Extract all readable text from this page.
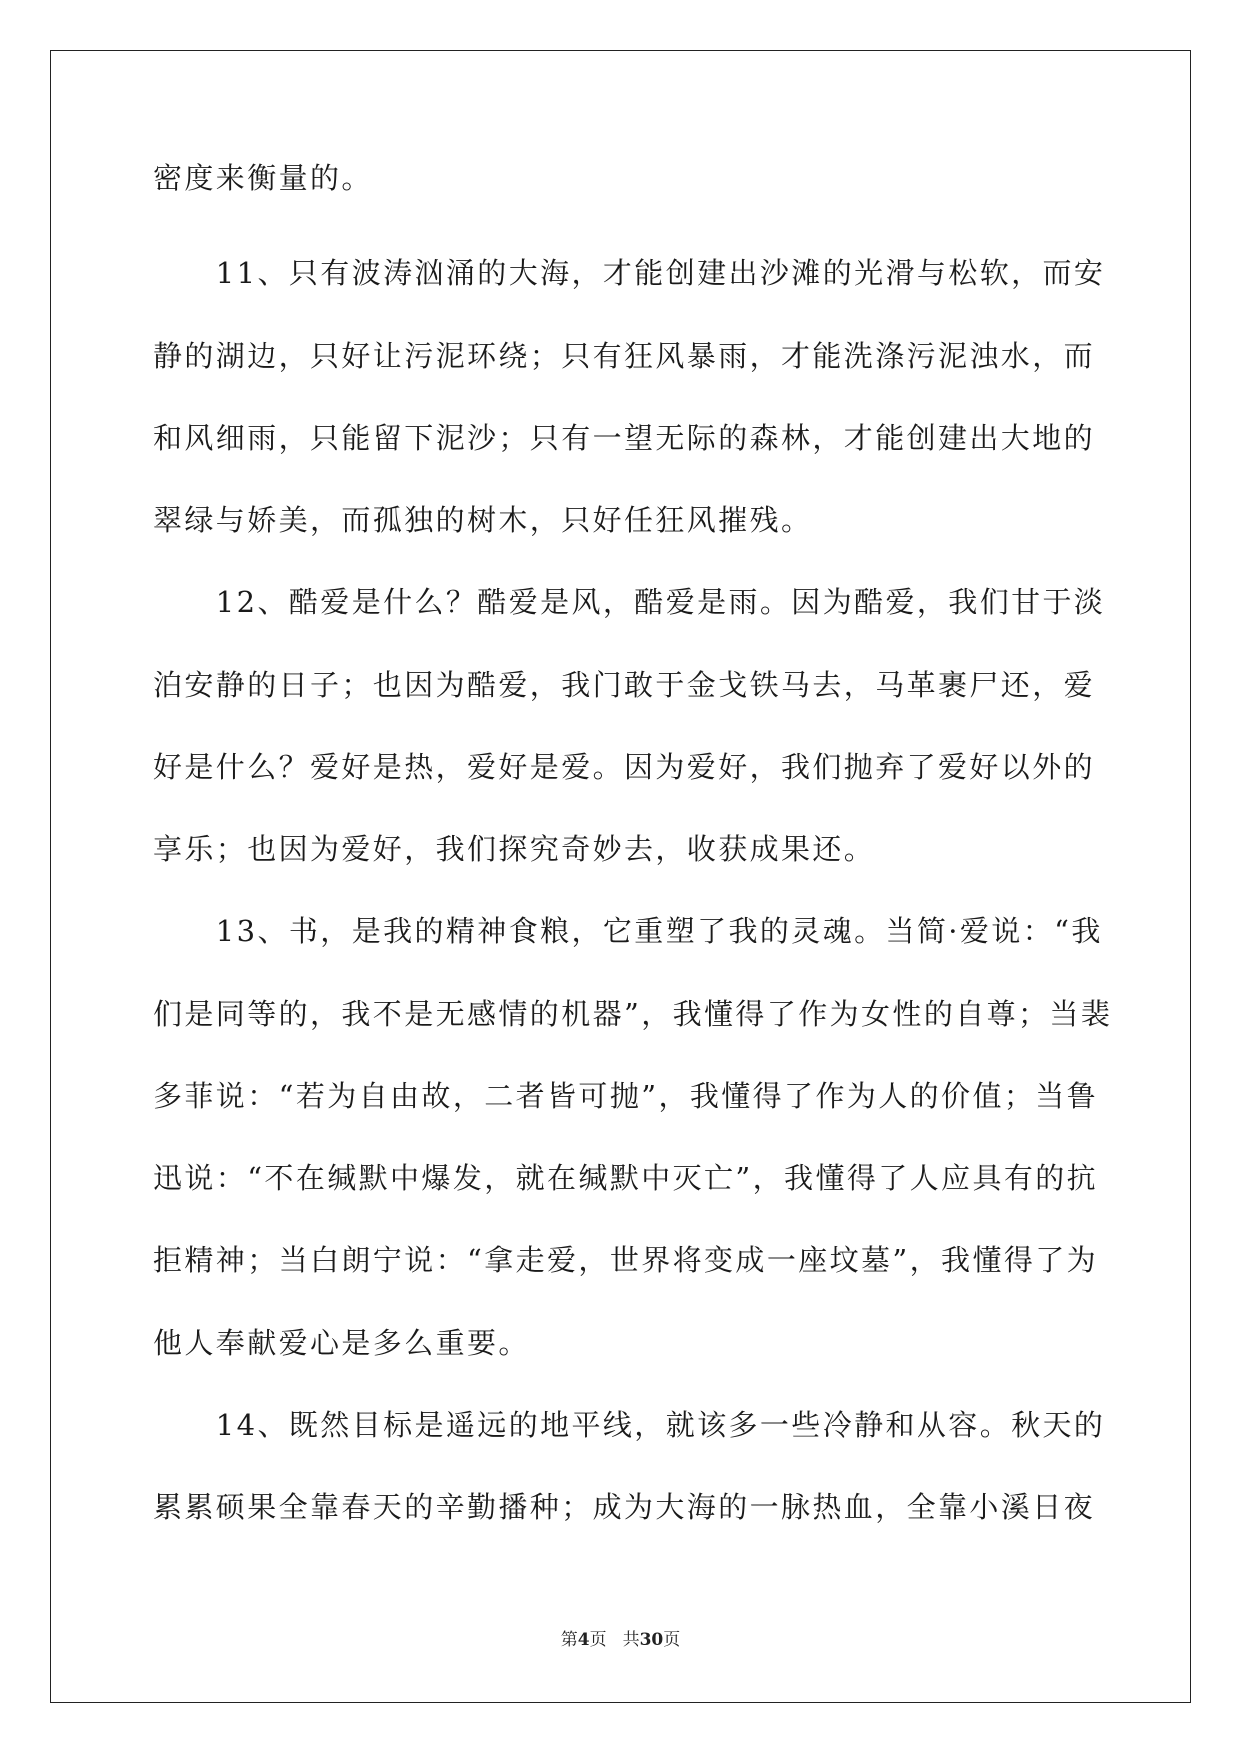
密度来衡量的。
　　11、只有波涛汹涌的大海，才能创建出沙滩的光滑与松软，而安
静的湖边，只好让污泥环绕；只有狂风暴雨，才能洗涤污泥浊水，而
和风细雨，只能留下泥沙；只有一望无际的森林，才能创建出大地的
翠绿与娇美，而孤独的树木，只好任狂风摧残。
　　12、酷爱是什么？酷爱是风，酷爱是雨。因为酷爱，我们甘于淡
泊安静的日子；也因为酷爱，我门敢于金戈铁马去，马革裹尸还，爱
好是什么？爱好是热，爱好是爱。因为爱好，我们抛弃了爱好以外的
享乐；也因为爱好，我们探究奇妙去，收获成果还。
　　13、书，是我的精神食粮，它重塑了我的灵魂。当简·爱说：“我
们是同等的，我不是无感情的机器”，我懂得了作为女性的自尊；当裴
多菲说：“若为自由故，二者皆可抛”，我懂得了作为人的价值；当鲁
迅说：“不在缄默中爆发，就在缄默中灭亡”，我懂得了人应具有的抗
拒精神；当白朗宁说：“拿走爱，世界将变成一座坟墓”，我懂得了为
他人奉献爱心是多么重要。
　　14、既然目标是遥远的地平线，就该多一些冷静和从容。秋天的
累累硕果全靠春天的辛勤播种；成为大海的一脉热血，全靠小溪日夜
第4页 共30页
